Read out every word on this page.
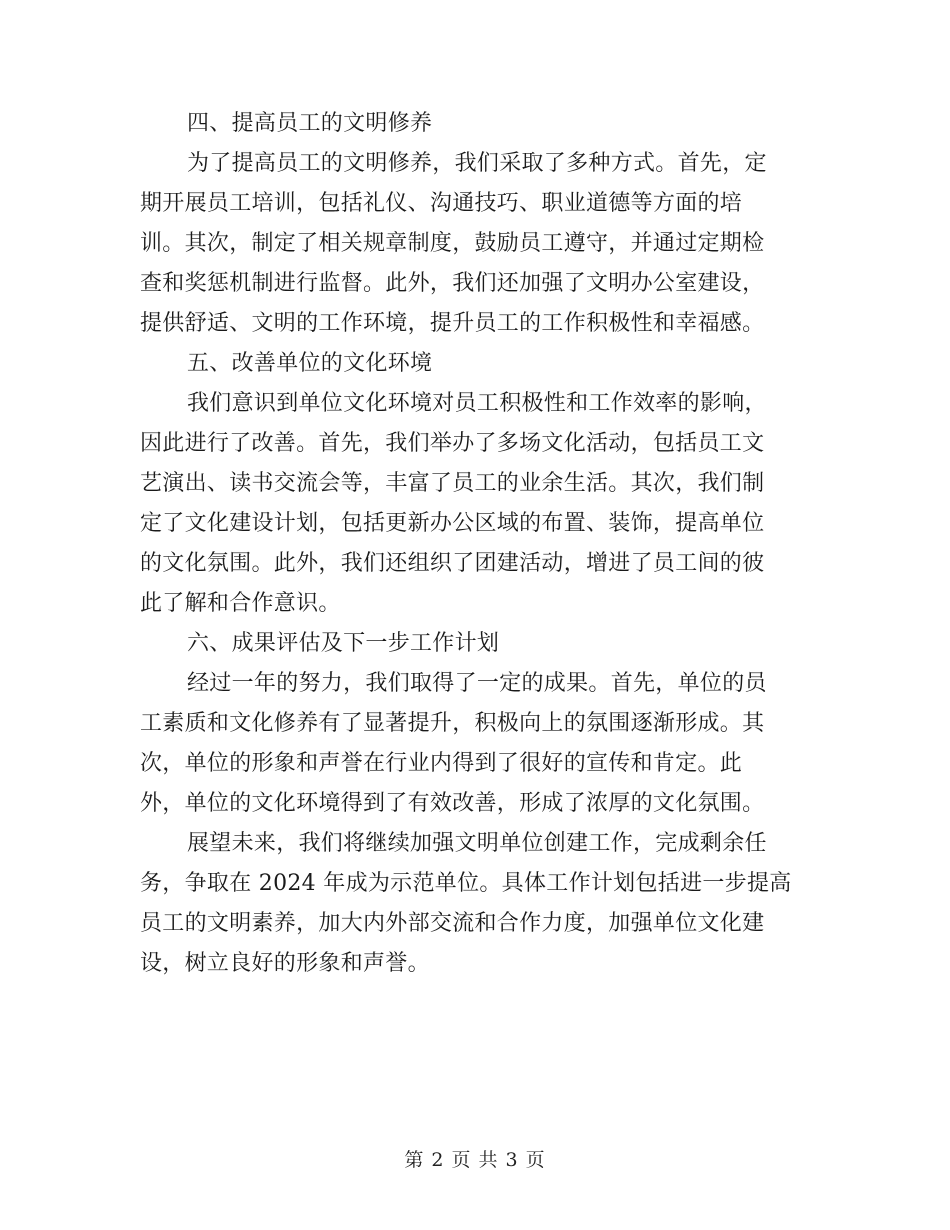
四、提高员工的文明修养

为了提高员工的文明修养，我们采取了多种方式。首先，定

期开展员工培训，包括礼仪、沟通技巧、职业道德等方面的培

训。其次，制定了相关规章制度，鼓励员工遵守，并通过定期检

查和奖惩机制进行监督。此外，我们还加强了文明办公室建设，

提供舒适、文明的工作环境，提升员工的工作积极性和幸福感。

五、改善单位的文化环境

我们意识到单位文化环境对员工积极性和工作效率的影响，

因此进行了改善。首先，我们举办了多场文化活动，包括员工文

艺演出、读书交流会等，丰富了员工的业余生活。其次，我们制

定了文化建设计划，包括更新办公区域的布置、装饰，提高单位

的文化氛围。此外，我们还组织了团建活动，增进了员工间的彼

此了解和合作意识。

六、成果评估及下一步工作计划

经过一年的努力，我们取得了一定的成果。首先，单位的员

工素质和文化修养有了显著提升，积极向上的氛围逐渐形成。其

次，单位的形象和声誉在行业内得到了很好的宣传和肯定。此

外，单位的文化环境得到了有效改善，形成了浓厚的文化氛围。

展望未来，我们将继续加强文明单位创建工作，完成剩余任

务，争取在 2024 年成为示范单位。具体工作计划包括进一步提高

员工的文明素养，加大内外部交流和合作力度，加强单位文化建

设，树立良好的形象和声誉。

第 2 页 共 3 页
